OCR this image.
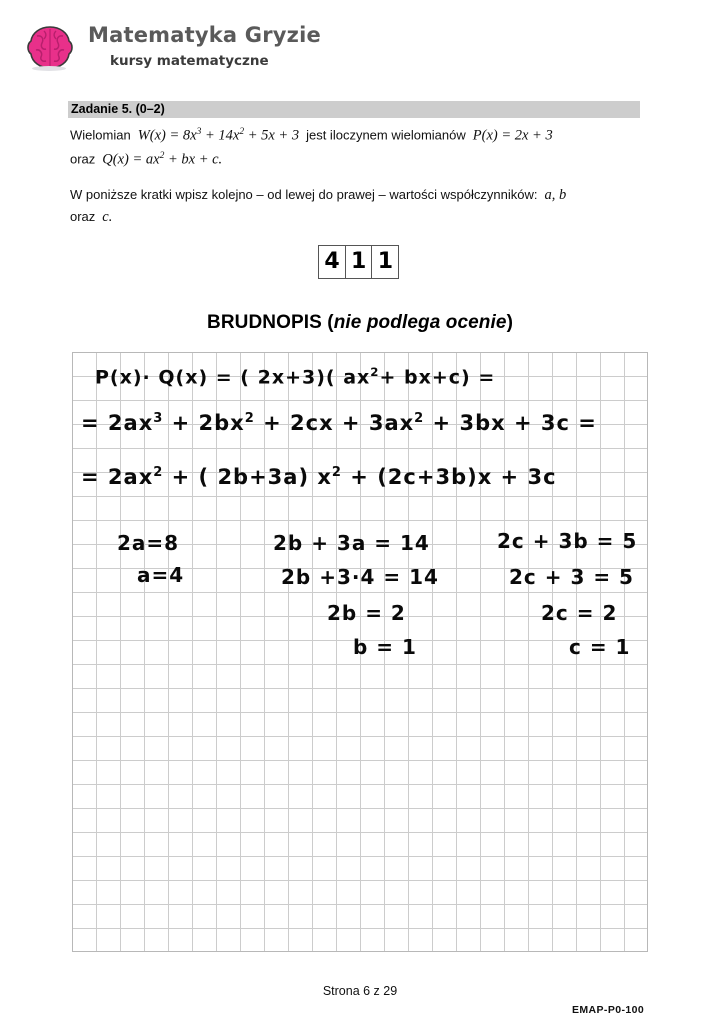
Matematyka Gryzie
kursy matematyczne
Zadanie 5. (0–2)

Wielomian $W(x) = 8x^3 + 14x^2 + 5x + 3$ jest iloczynem wielomianów P(x) = 2x + 3
oraz $Q(x) = ax^2$ + bx + c.

W poniższe kratki wpisz kolejno – od lewej do prawej – wartości współczynników: a, b
oraz c.

4 1 1
BRUDNOPIS (nie podlega ocenie)
P(x)· Q(x) = ( 2x+3)( $ax^2+ bx+c$) =
= $2ax^3 + 2bx^2 + 2cx + 3ax^2 + 3bx + 3c$ =
= $2ax^2$ + ( 2b+3a) $x^2 + (2c+3b)x + 3c$
2a=8
a=4
2b + 3a = 14
2b +3·4 = 14
2b = 2
b = 1
2c + 3b = 5
2c + 3 = 5
2c = 2
c = 1
Strona 6 z 29
EMAP-P0-100
